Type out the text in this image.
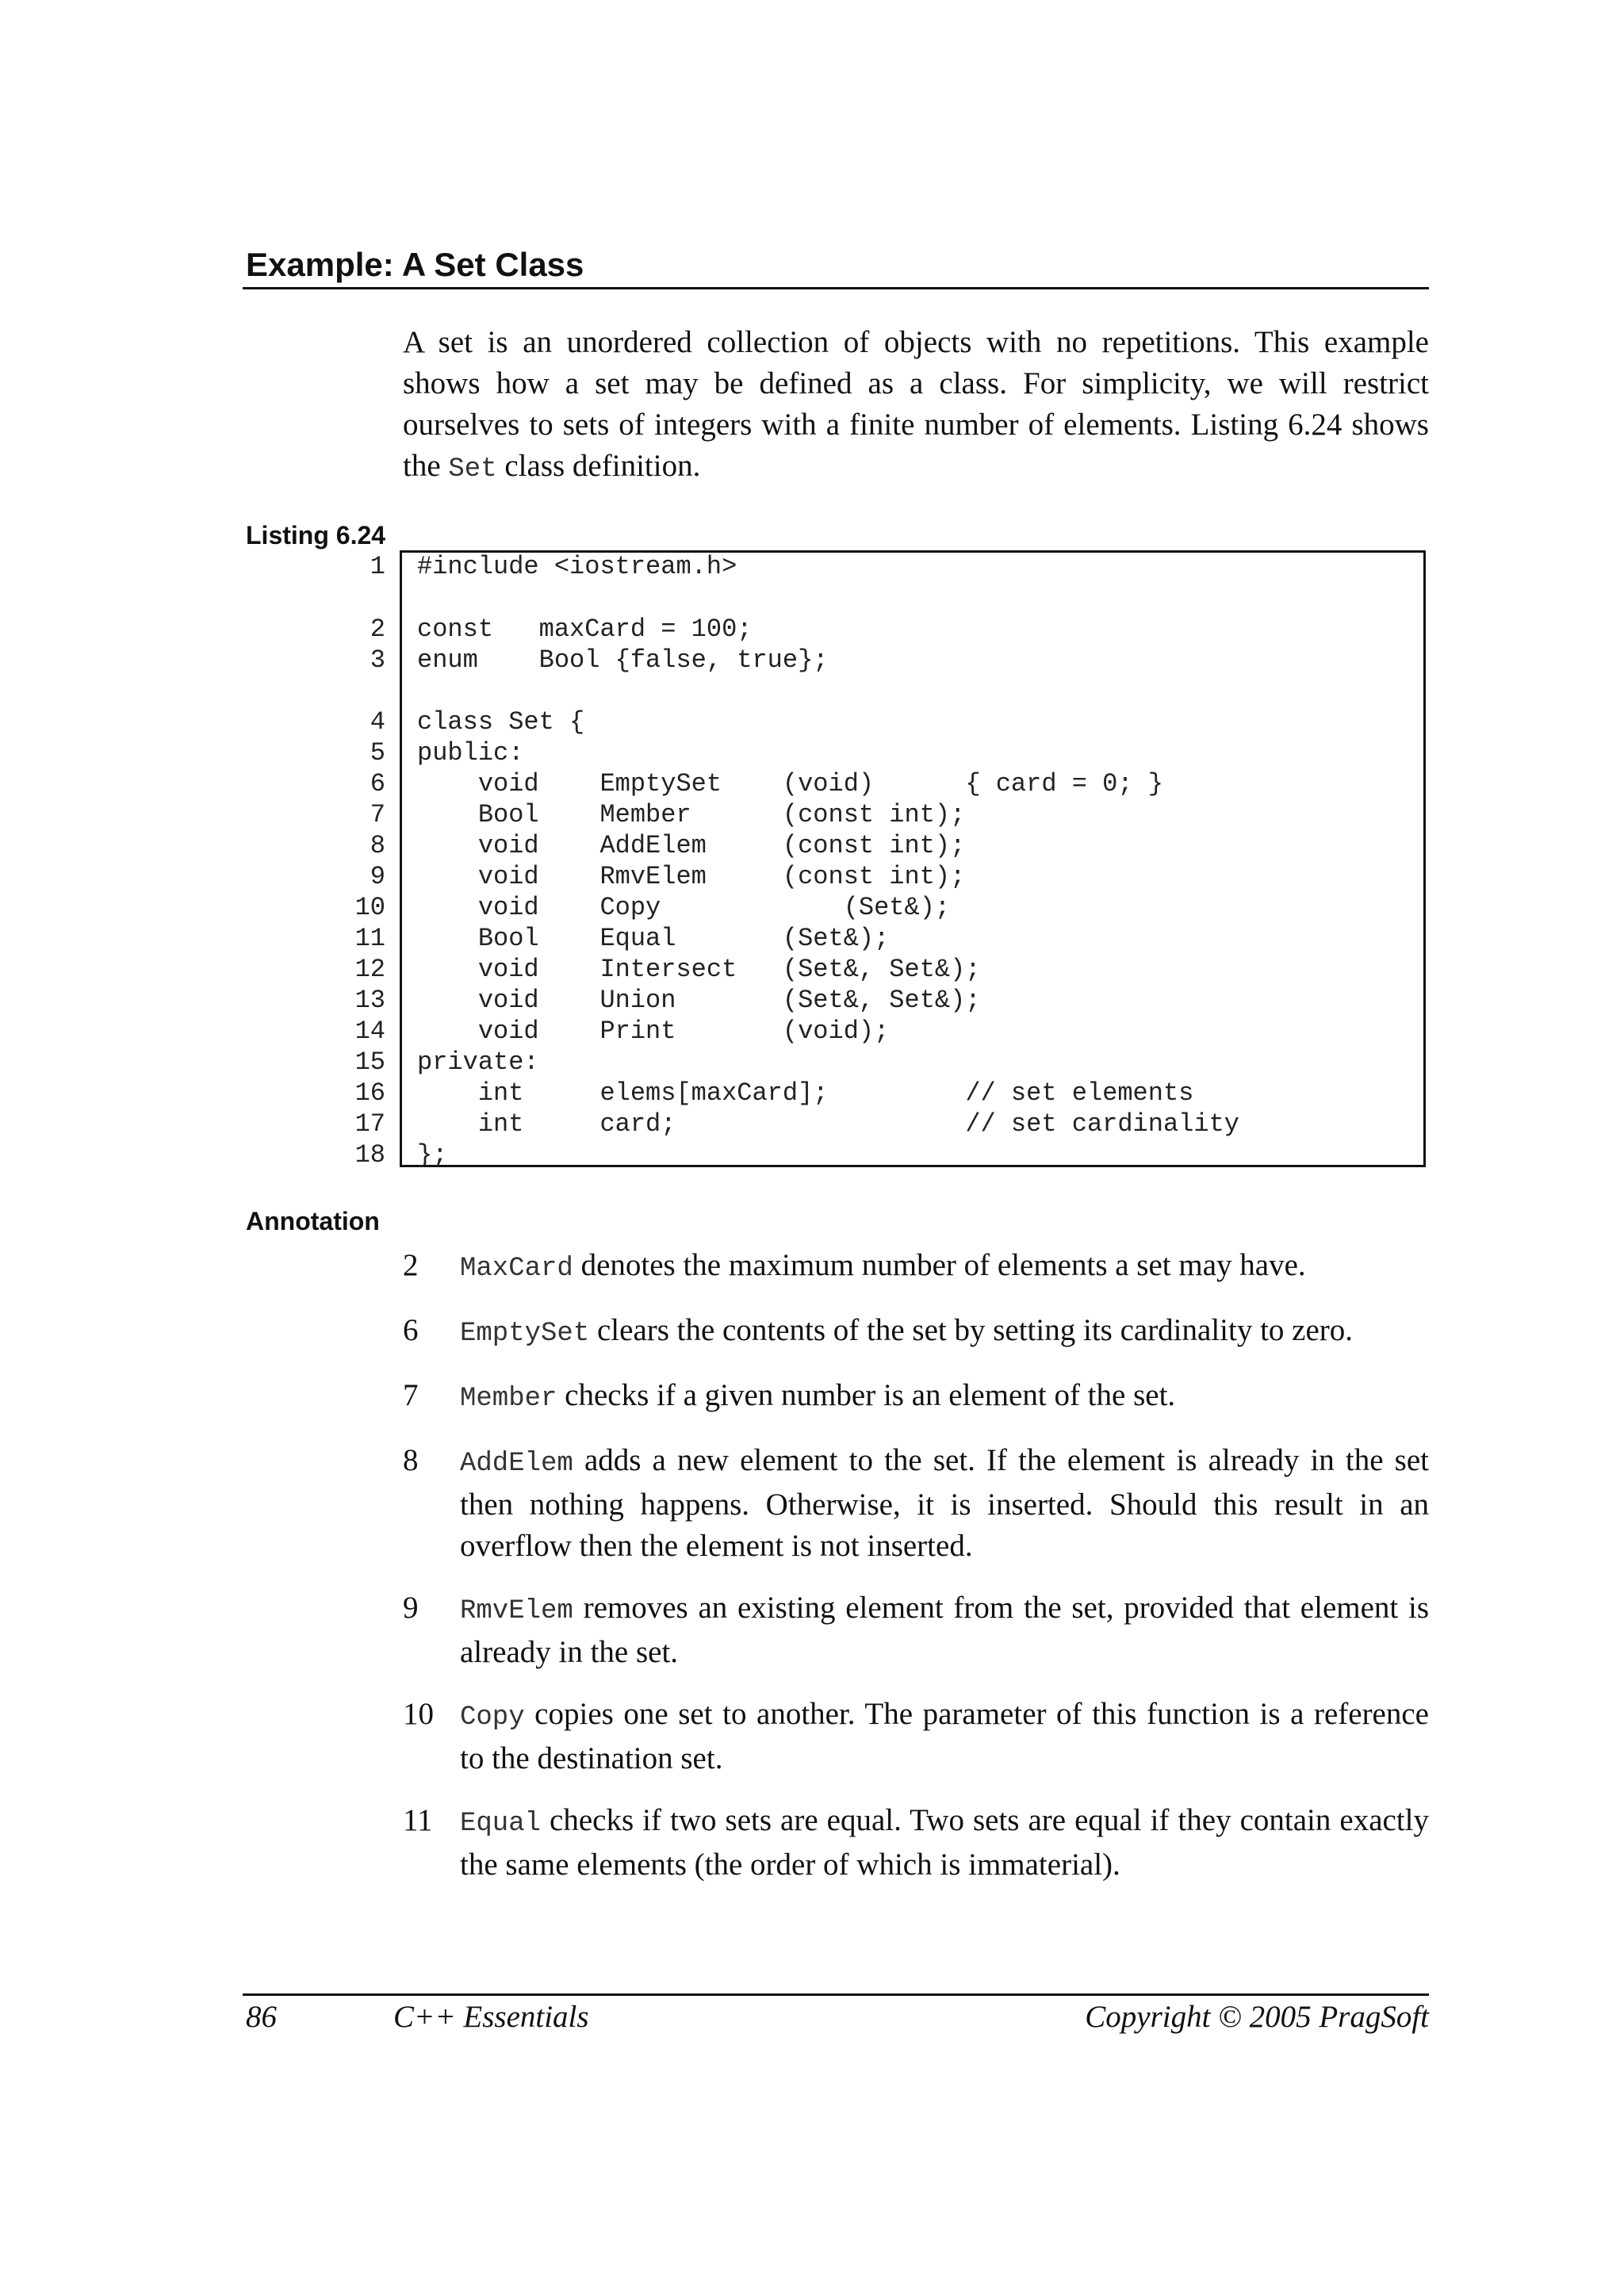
Example: A Set Class

A set is an unordered collection of objects with no repetitions. This example shows how a set may be defined as a class. For simplicity, we will restrict ourselves to sets of integers with a finite number of elements. Listing 6.24 shows the Set class definition.

Listing 6.24
1 #include <iostream.h>
2 const   maxCard = 100;
3 enum    Bool {false, true};
4 class Set {
5 public:
6 void    EmptySet    (void)      { card = 0; }
7 Bool    Member      (const int);
8 void    AddElem     (const int);
9 void    RmvElem     (const int);
10 void    Copy            (Set&);
11 Bool    Equal       (Set&);
12 void    Intersect   (Set&, Set&);
13 void    Union       (Set&, Set&);
14 void    Print       (void);
15 private:
16 int     elems[maxCard];         // set elements
17 int     card;                   // set cardinality
18 };
Annotation
2 MaxCard denotes the maximum number of elements a set may have.
6 EmptySet clears the contents of the set by setting its cardinality to zero.
7 Member checks if a given number is an element of the set.
8 AddElem adds a new element to the set. If the element is already in the set then nothing happens. Otherwise, it is inserted. Should this result in an overflow then the element is not inserted.
9 RmvElem removes an existing element from the set, provided that element is already in the set.
10 Copy copies one set to another. The parameter of this function is a reference to the destination set.
11 Equal checks if two sets are equal. Two sets are equal if they contain exactly the same elements (the order of which is immaterial).
86	C++ Essentials	Copyright © 2005 PragSoft
